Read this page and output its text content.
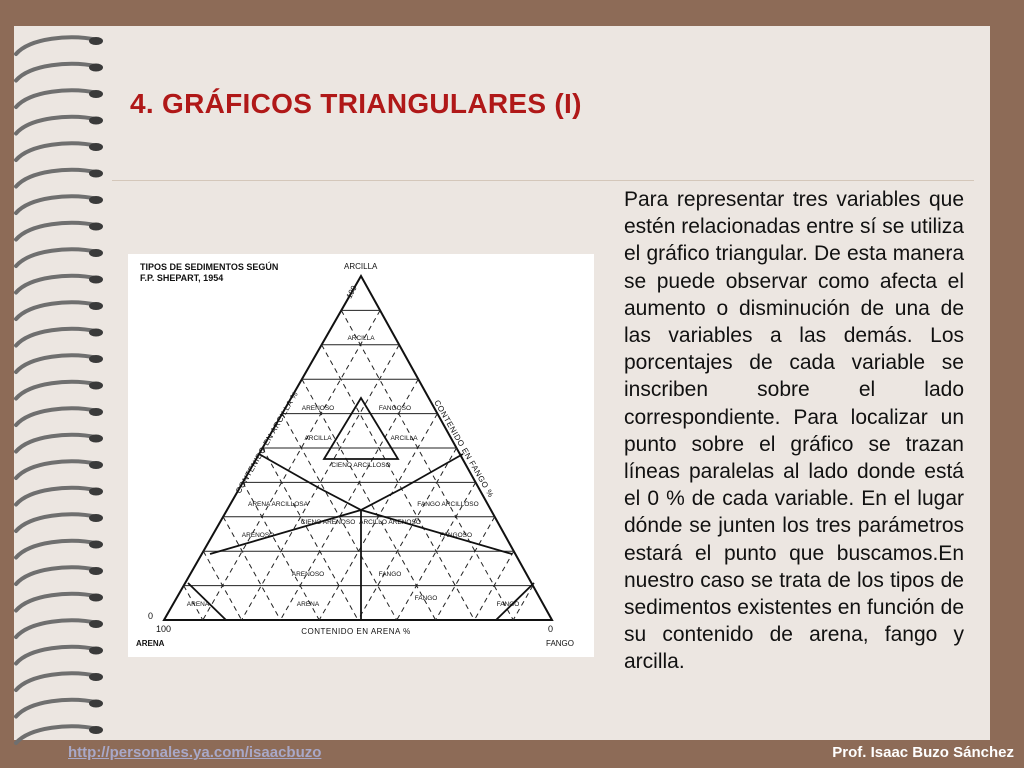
4. GRÁFICOS TRIANGULARES (I)
TIPOS DE SEDIMENTOS SEGÚN
F.P. SHEPART, 1954
ARCILLA
100
ARCILLA
ARENOSO
ARCILLA
FANGOSO
ARCILLA
CIENO ARCILLOSO
ARENA ARCILLOSA
CIENO ARENOSO ARCILLO ARENOSO
FANGO ARCILLOSO
ARENOSO	FANGOSO
ARENOSO	FANGO
ARENA	ARENA
FANGO
FANGO
CONTENIDO EN ARCILLA %	CONTENIDO EN FANGO %
CONTENIDO EN ARENA %
0
100
ARENA
0
FANGO

Para representar tres variables que estén relacionadas entre sí se utiliza el gráfico triangular. De esta manera se puede observar como afecta el aumento o disminución de una de las variables a las demás. Los porcentajes de cada variable se inscriben sobre el lado correspondiente. Para localizar un punto sobre el gráfico se trazan líneas paralelas al lado donde está el 0 % de cada variable. En el lugar dónde se junten los tres parámetros estará el punto que buscamos.En nuestro caso se trata de los tipos de sedimentos existentes en función de su contenido de arena, fango y arcilla.

http://personales.ya.com/isaacbuzo	Prof. Isaac Buzo Sánchez
